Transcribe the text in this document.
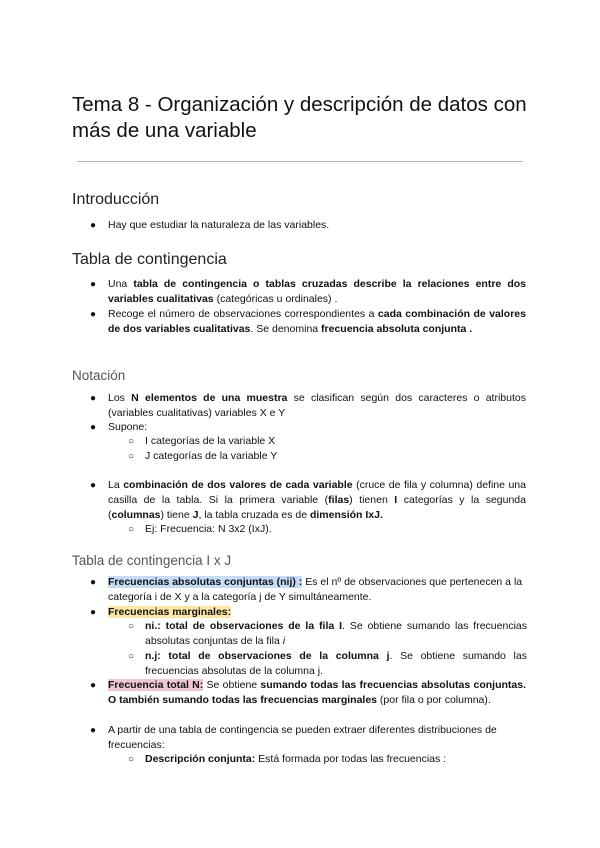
Tema 8 - Organización y descripción de datos con más de una variable
Introducción
● Hay que estudiar la naturaleza de las variables.
Tabla de contingencia
● Una tabla de contingencia o tablas cruzadas describe la relaciones entre dos variables cualitativas (categóricas u ordinales) .
● Recoge el número de observaciones correspondientes a cada combinación de valores de dos variables cualitativas. Se denomina frecuencia absoluta conjunta .
Notación
● Los N elementos de una muestra se clasifican según dos caracteres o atributos (variables cualitativas) variables X e Y
● Supone:
○ I categorías de la variable X
○ J categorías de la variable Y
● La combinación de dos valores de cada variable (cruce de fila y columna) define una casilla de la tabla. Si la primera variable (filas) tienen I categorías y la segunda (columnas) tiene J, la tabla cruzada es de dimensión IxJ.
○ Ej: Frecuencia: N 3x2 (IxJ).
Tabla de contingencia I x J
● Frecuencias absolutas conjuntas (nij) : Es el nº de observaciones que pertenecen a la categoría i de X y a la categoría j de Y simultáneamente.
● Frecuencias marginales:
○ ni.: total de observaciones de la fila I. Se obtiene sumando las frecuencias absolutas conjuntas de la fila i
○ n.j: total de observaciones de la columna j. Se obtiene sumando las frecuencias absolutas de la columna j.
● Frecuencia total N: Se obtiene sumando todas las frecuencias absolutas conjuntas. O también sumando todas las frecuencias marginales (por fila o por columna).
● A partir de una tabla de contingencia se pueden extraer diferentes distribuciones de frecuencias:
○ Descripción conjunta: Está formada por todas las frecuencias :
